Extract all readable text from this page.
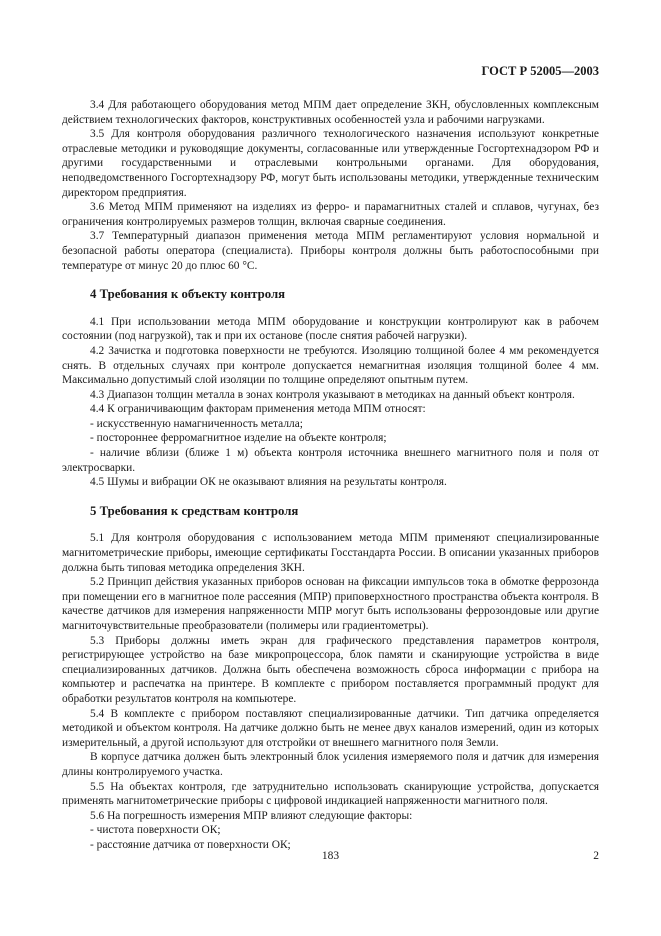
ГОСТ Р 52005—2003

3.4 Для работающего оборудования метод МПМ дает определение ЗКН, обусловленных комплексным действием технологических факторов, конструктивных особенностей узла и рабочими нагрузками.

3.5 Для контроля оборудования различного технологического назначения используют конкретные отраслевые методики и руководящие документы, согласованные или утвержденные Госгортехнадзором РФ и другими государственными и отраслевыми контрольными органами. Для оборудования, неподведомственного Госгортехнадзору РФ, могут быть использованы методики, утвержденные техническим директором предприятия.

3.6 Метод МПМ применяют на изделиях из ферро- и парамагнитных сталей и сплавов, чугунах, без ограничения контролируемых размеров толщин, включая сварные соединения.

3.7 Температурный диапазон применения метода МПМ регламентируют условия нормальной и безопасной работы оператора (специалиста). Приборы контроля должны быть работоспособными при температуре от минус 20 до плюс 60 °С.

4 Требования к объекту контроля

4.1 При использовании метода МПМ оборудование и конструкции контролируют как в рабочем состоянии (под нагрузкой), так и при их останове (после снятия рабочей нагрузки).

4.2 Зачистка и подготовка поверхности не требуются. Изоляцию толщиной более 4 мм рекомендуется снять. В отдельных случаях при контроле допускается немагнитная изоляция толщиной более 4 мм. Максимально допустимый слой изоляции по толщине определяют опытным путем.

4.3 Диапазон толщин металла в зонах контроля указывают в методиках на данный объект контроля.

4.4 К ограничивающим факторам применения метода МПМ относят:

- искусственную намагниченность металла;

- постороннее ферромагнитное изделие на объекте контроля;

- наличие вблизи (ближе 1 м) объекта контроля источника внешнего магнитного поля и поля от электросварки.

4.5 Шумы и вибрации ОК не оказывают влияния на результаты контроля.

5 Требования к средствам контроля

5.1 Для контроля оборудования с использованием метода МПМ применяют специализированные магнитометрические приборы, имеющие сертификаты Госстандарта России. В описании указанных приборов должна быть типовая методика определения ЗКН.

5.2 Принцип действия указанных приборов основан на фиксации импульсов тока в обмотке феррозонда при помещении его в магнитное поле рассеяния (МПР) приповерхностного пространства объекта контроля. В качестве датчиков для измерения напряженности МПР могут быть использованы феррозондовые или другие магниточувствительные преобразователи (полимеры или градиентометры).

5.3 Приборы должны иметь экран для графического представления параметров контроля, регистрирующее устройство на базе микропроцессора, блок памяти и сканирующие устройства в виде специализированных датчиков. Должна быть обеспечена возможность сброса информации с прибора на компьютер и распечатка на принтере. В комплекте с прибором поставляется программный продукт для обработки результатов контроля на компьютере.

5.4 В комплекте с прибором поставляют специализированные датчики. Тип датчика определяется методикой и объектом контроля. На датчике должно быть не менее двух каналов измерений, один из которых измерительный, а другой используют для отстройки от внешнего магнитного поля Земли.

В корпусе датчика должен быть электронный блок усиления измеряемого поля и датчик для измерения длины контролируемого участка.

5.5 На объектах контроля, где затруднительно использовать сканирующие устройства, допускается применять магнитометрические приборы с цифровой индикацией напряженности магнитного поля.

5.6 На погрешность измерения МПР влияют следующие факторы:

- чистота поверхности ОК;

- расстояние датчика от поверхности ОК;

183	2
